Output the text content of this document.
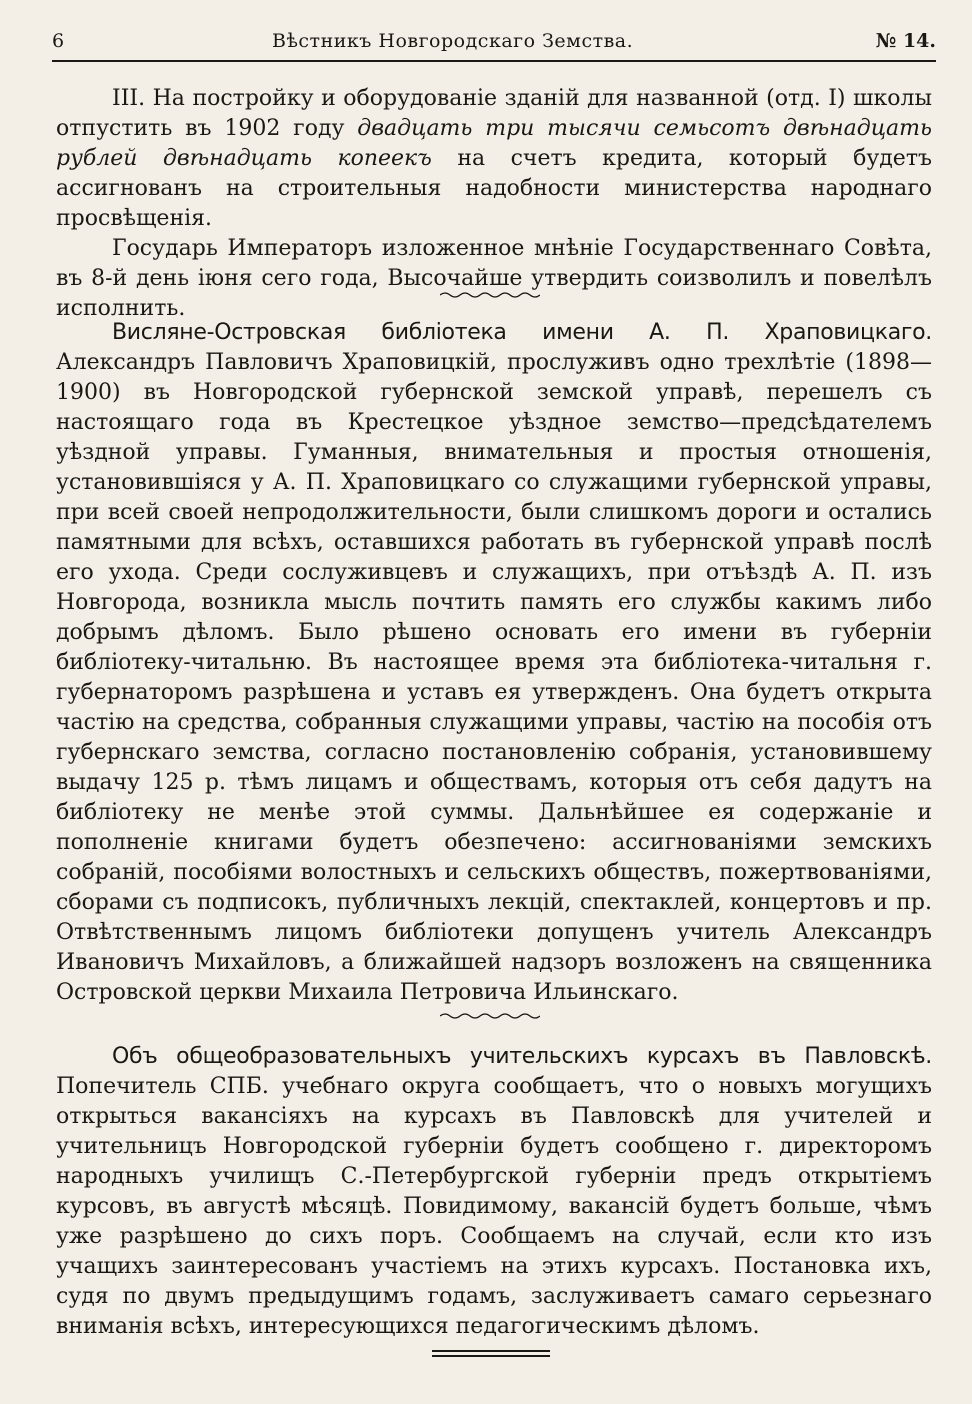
6	Вѣстникъ Новгородскаго Земства.	№ 14.

III. На постройку и оборудованіе зданій для названной (отд. I) школы отпустить въ 1902 году двадцать три тысячи семьсотъ двѣнадцать рублей двѣнадцать копеекъ на счетъ кредита, который будетъ ассигнованъ на строительныя надобности министерства народнаго просвѣщенія.

Государь Императоръ изложенное мнѣніе Государственнаго Совѣта, въ 8-й день іюня сего года, Высочайше утвердить соизволилъ и повелѣлъ исполнить.

Висляне-Островская библіотека имени А. П. Храповицкаго. Александръ Павловичъ Храповицкій, прослуживъ одно трехлѣтіе (1898—1900) въ Новгородской губернской земской управѣ, перешелъ съ настоящаго года въ Крестецкое уѣздное земство—предсѣдателемъ уѣздной управы. Гуманныя, внимательныя и простыя отношенія, установившіяся у А. П. Храповицкаго со служащими губернской управы, при всей своей непродолжительности, были слишкомъ дороги и остались памятными для всѣхъ, оставшихся работать въ губернской управѣ послѣ его ухода. Среди сослуживцевъ и служащихъ, при отъѣздѣ А. П. изъ Новгорода, возникла мысль почтить память его службы какимъ либо добрымъ дѣломъ. Было рѣшено основать его имени въ губерніи библіотеку-читальню. Въ настоящее время эта библіотека-читальня г. губернаторомъ разрѣшена и уставъ ея утвержденъ. Она будетъ открыта частію на средства, собранныя служащими управы, частію на пособія отъ губернскаго земства, согласно постановленію собранія, установившему выдачу 125 р. тѣмъ лицамъ и обществамъ, которыя отъ себя дадутъ на библіотеку не менѣе этой суммы. Дальнѣйшее ея содержаніе и пополненіе книгами будетъ обезпечено: ассигнованіями земскихъ собраній, пособіями волостныхъ и сельскихъ обществъ, пожертвованіями, сборами съ подписокъ, публичныхъ лекцій, спектаклей, концертовъ и пр. Отвѣтственнымъ лицомъ библіотеки допущенъ учитель Александръ Ивановичъ Михайловъ, а ближайшей надзоръ возложенъ на священника Островской церкви Михаила Петровича Ильинскаго.

Объ общеобразовательныхъ учительскихъ курсахъ въ Павловскѣ. Попечитель СПБ. учебнаго округа сообщаетъ, что о новыхъ могущихъ открыться вакансіяхъ на курсахъ въ Павловскѣ для учителей и учительницъ Новгородской губерніи будетъ сообщено г. директоромъ народныхъ училищъ С.-Петербургской губерніи предъ открытіемъ курсовъ, въ августѣ мѣсяцѣ. Повидимому, вакансій будетъ больше, чѣмъ уже разрѣшено до сихъ поръ. Сообщаемъ на случай, если кто изъ учащихъ заинтересованъ участіемъ на этихъ курсахъ. Постановка ихъ, судя по двумъ предыдущимъ годамъ, заслуживаетъ самаго серьезнаго вниманія всѣхъ, интересующихся педагогическимъ дѣломъ.
